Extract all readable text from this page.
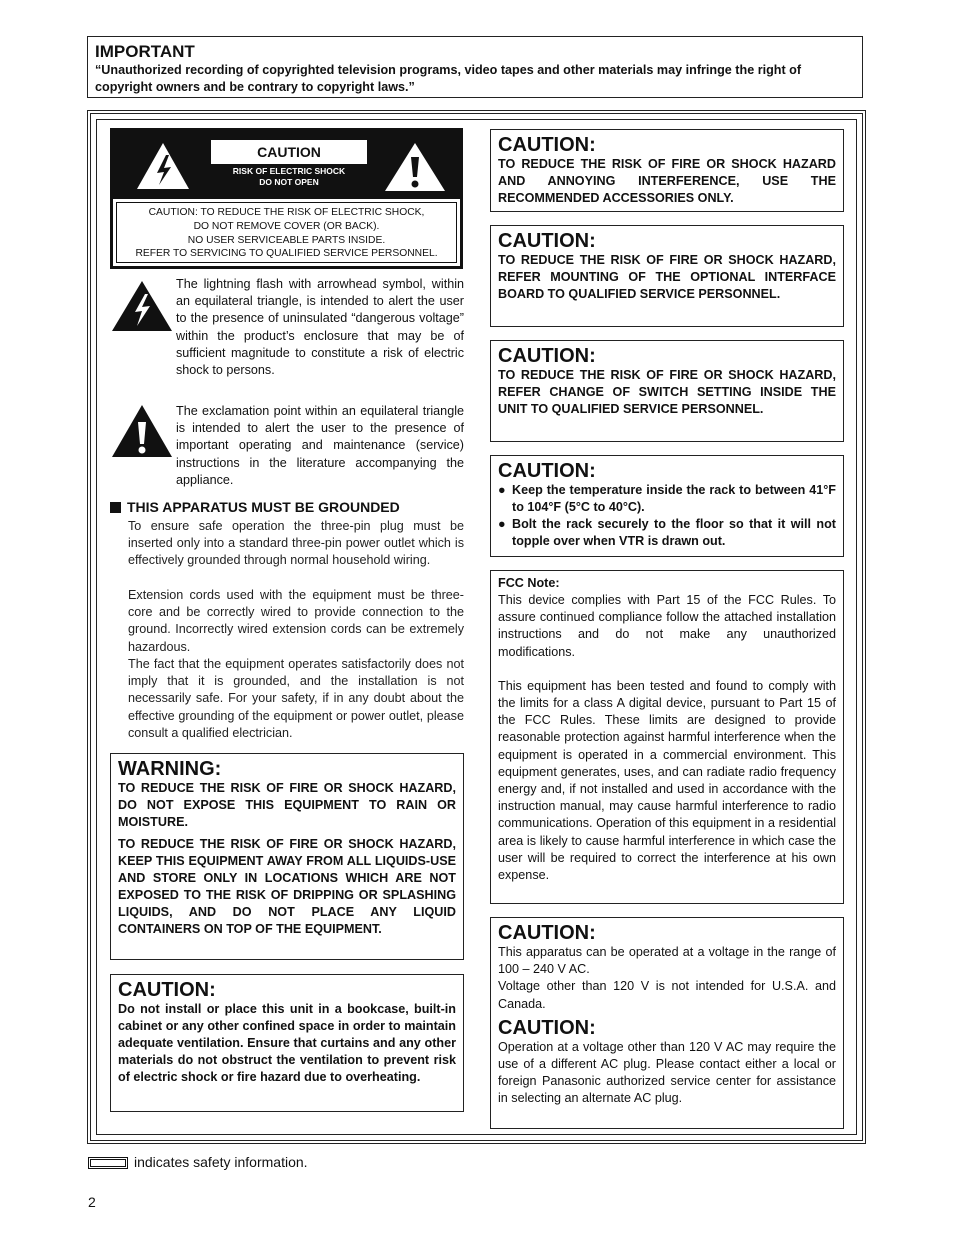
IMPORTANT
“Unauthorized recording of copyrighted television programs, video tapes and other materials may infringe the right of copyright owners and be contrary to copyright laws.”
CAUTION
RISK OF ELECTRIC SHOCK
DO NOT OPEN
CAUTION: TO REDUCE THE RISK OF ELECTRIC SHOCK,
DO NOT REMOVE COVER (OR BACK).
NO USER SERVICEABLE PARTS INSIDE.
REFER TO SERVICING TO QUALIFIED SERVICE PERSONNEL.
The lightning flash with arrowhead symbol, within an equilateral triangle, is intended to alert the user to the presence of uninsulated “dangerous voltage” within the product’s enclosure that may be of sufficient magnitude to constitute a risk of electric shock to persons.
The exclamation point within an equilateral triangle is intended to alert the user to the presence of important operating and maintenance (service) instructions in the literature accompanying the appliance.
THIS APPARATUS MUST BE GROUNDED
To ensure safe operation the three-pin plug must be inserted only into a standard three-pin power outlet which is effectively grounded through normal household wiring.
Extension cords used with the equipment must be three-core and be correctly wired to provide connection to the ground. Incorrectly wired extension cords can be extremely hazardous.
The fact that the equipment operates satisfactorily does not imply that it is grounded, and the installation is not necessarily safe. For your safety, if in any doubt about the effective grounding of the equipment or power outlet, please consult a qualified electrician.
WARNING:
TO REDUCE THE RISK OF FIRE OR SHOCK HAZARD, DO NOT EXPOSE THIS EQUIPMENT TO RAIN OR MOISTURE.
TO REDUCE THE RISK OF FIRE OR SHOCK HAZARD, KEEP THIS EQUIPMENT AWAY FROM ALL LIQUIDS-USE AND STORE ONLY IN LOCATIONS WHICH ARE NOT EXPOSED TO THE RISK OF DRIPPING OR SPLASHING LIQUIDS, AND DO NOT PLACE ANY LIQUID CONTAINERS ON TOP OF THE EQUIPMENT.
CAUTION:
Do not install or place this unit in a bookcase, built-in cabinet or any other confined space in order to maintain adequate ventilation. Ensure that curtains and any other materials do not obstruct the ventilation to prevent risk of electric shock or fire hazard due to overheating.
CAUTION:
TO REDUCE THE RISK OF FIRE OR SHOCK HAZARD AND ANNOYING INTERFERENCE, USE THE RECOMMENDED ACCESSORIES ONLY.
CAUTION:
TO REDUCE THE RISK OF FIRE OR SHOCK HAZARD, REFER MOUNTING OF THE OPTIONAL INTERFACE BOARD TO QUALIFIED SERVICE PERSONNEL.
CAUTION:
TO REDUCE THE RISK OF FIRE OR SHOCK HAZARD, REFER CHANGE OF SWITCH SETTING INSIDE THE UNIT TO QUALIFIED SERVICE PERSONNEL.
CAUTION:
● Keep the temperature inside the rack to between 41°F to 104°F (5°C to 40°C).
● Bolt the rack securely to the floor so that it will not topple over when VTR is drawn out.
FCC Note:
This device complies with Part 15 of the FCC Rules. To assure continued compliance follow the attached installation instructions and do not make any unauthorized modifications.
This equipment has been tested and found to comply with the limits for a class A digital device, pursuant to Part 15 of the FCC Rules. These limits are designed to provide reasonable protection against harmful interference when the equipment is operated in a commercial environment. This equipment generates, uses, and can radiate radio frequency energy and, if not installed and used in accordance with the instruction manual, may cause harmful interference to radio communications. Operation of this equipment in a residential area is likely to cause harmful interference in which case the user will be required to correct the interference at his own expense.
CAUTION:
This apparatus can be operated at a voltage in the range of 100 – 240 V AC.
Voltage other than 120 V is not intended for U.S.A. and Canada.
CAUTION:
Operation at a voltage other than 120 V AC may require the use of a different AC plug. Please contact either a local or foreign Panasonic authorized service center for assistance in selecting an alternate AC plug.
indicates safety information.
2
